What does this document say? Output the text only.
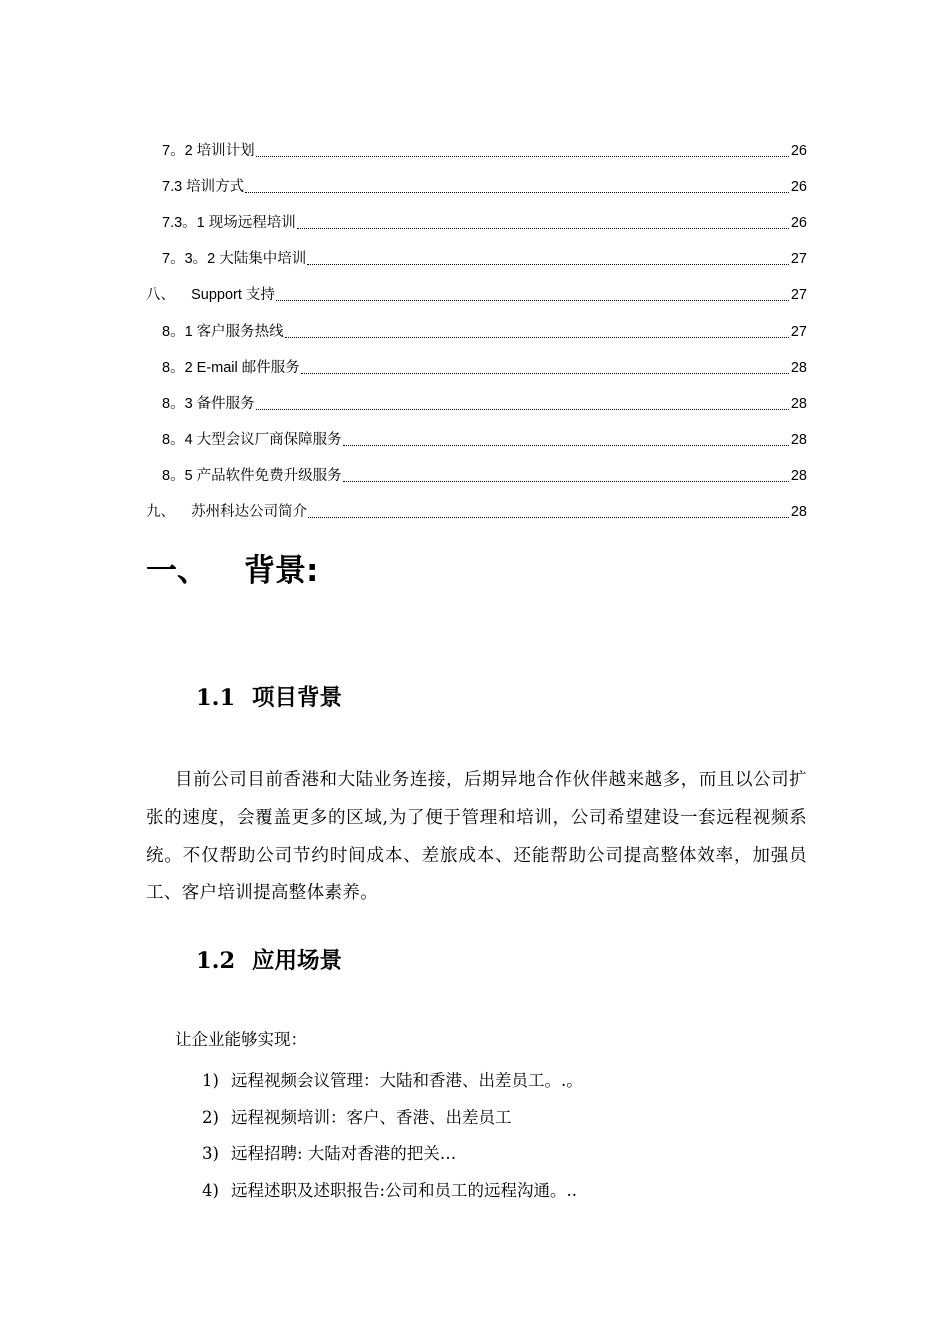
7。2 培训计划	26
7.3 培训方式	26
7.3。1 现场远程培训	26
7。3。2 大陆集中培训	27
八、    Support 支持	27
8。1 客户服务热线	27
8。2 E-mail 邮件服务	28
8。3 备件服务	28
8。4 大型会议厂商保障服务	28
8。5 产品软件免费升级服务	28
九、    苏州科达公司简介	28
一、 背景:
1.1 项目背景

目前公司目前香港和大陆业务连接，后期异地合作伙伴越来越多，而且以公司扩张的速度，会覆盖更多的区域,为了便于管理和培训，公司希望建设一套远程视频系统。不仅帮助公司节约时间成本、差旅成本、还能帮助公司提高整体效率，加强员工、客户培训提高整体素养。

1.2 应用场景
让企业能够实现：
1) 远程视频会议管理：大陆和香港、出差员工。.。
2) 远程视频培训：客户、香港、出差员工
3) 远程招聘: 大陆对香港的把关…
4) 远程述职及述职报告:公司和员工的远程沟通。..
